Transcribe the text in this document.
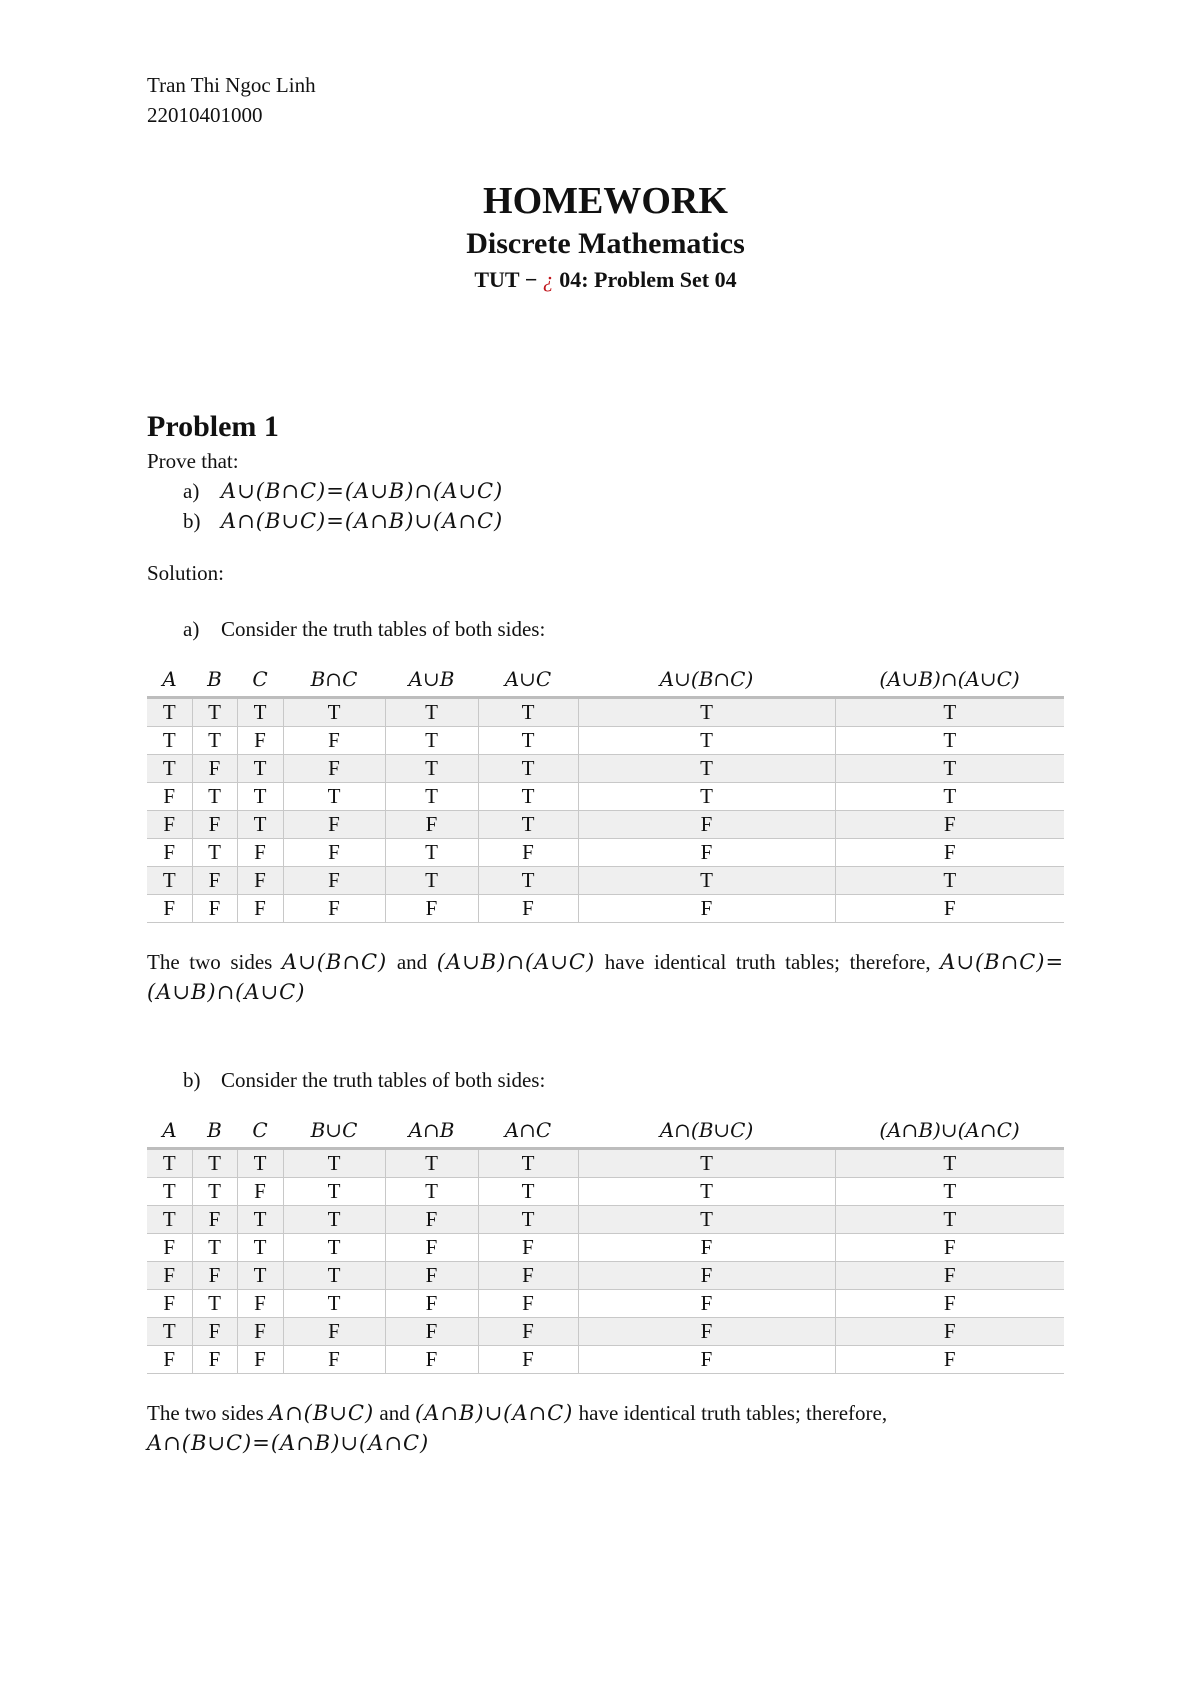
Tran Thi Ngoc Linh

22010401000

HOMEWORK

Discrete Mathematics

TUT − ¿ 04: Problem Set 04

Problem 1

Prove that:

a)	A∪(B∩C)=(A∪B)∩(A∪C)
b) A∩(B∪C)=(A∩B)∪(A∩C)

Solution:

a)	Consider the truth tables of both sides:
A	B	C	B∩C	A∪B	A∪C	A∪(B∩C)	(A∪B)∩(A∪C)
T	T	T	T	T	T	T	T
T	T	F	F	T	T	T	T
T	F	T	F	T	T	T	T
F	T	T	T	T	T	T	T
F	F	T	F	F	T	F	F
F	T	F	F	T	F	F	F
T	F	F	F	T	T	T	T
F	F	F	F	F	F	F	F
The two sides A∪(B∩C) and (A∪B)∩(A∪C) have identical truth tables; therefore, A∪(B∩C)=(A∪B)∩(A∪C)
b) Consider the truth tables of both sides:
A	B	C	B∪C	A∩B	A∩C	A∩(B∪C)	(A∩B)∪(A∩C)
T	T	T	T	T	T	T	T
T	T	F	T	T	T	T	T
T	F	T	T	F	T	T	T
F	T	T	T	F	F	F	F
F	F	T	T	F	F	F	F
F	T	F	T	F	F	F	F
T	F	F	F	F	F	F	F
F	F	F	F	F	F	F	F
The two sides A∩(B∪C) and (A∩B)∪(A∩C) have identical truth tables; therefore,
A∩(B∪C)=(A∩B)∪(A∩C)
